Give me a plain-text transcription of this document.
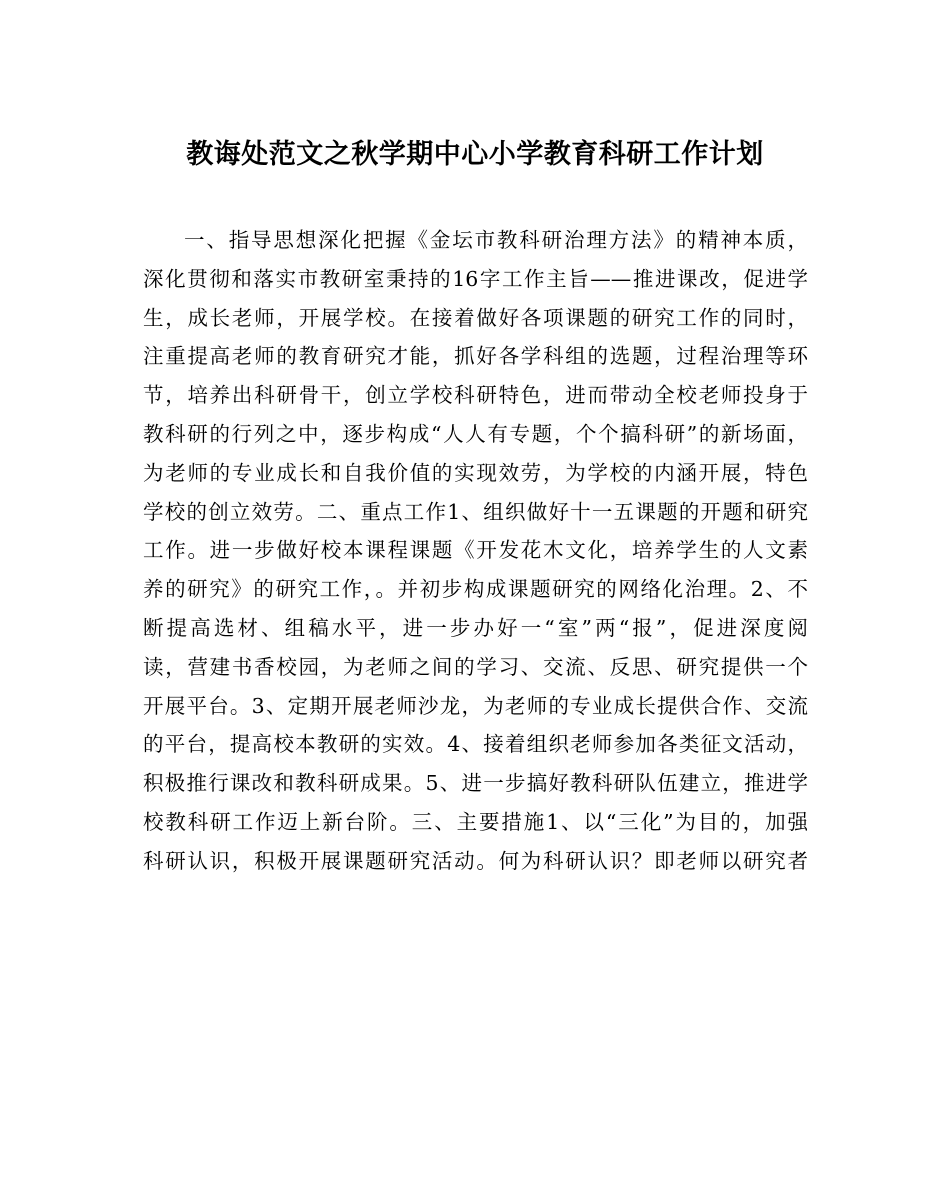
教诲处范文之秋学期中心小学教育科研工作计划
一、指导思想深化把握《金坛市教科研治理方法》的精神本质，
深化贯彻和落实市教研室秉持的16字工作主旨——推进课改，促进学
生，成长老师，开展学校。在接着做好各项课题的研究工作的同时，
注重提高老师的教育研究才能，抓好各学科组的选题，过程治理等环
节，培养出科研骨干，创立学校科研特色，进而带动全校老师投身于
教科研的行列之中，逐步构成“人人有专题，个个搞科研”的新场面，
为老师的专业成长和自我价值的实现效劳，为学校的内涵开展，特色
学校的创立效劳。二、重点工作1、组织做好十一五课题的开题和研究
工作。进一步做好校本课程课题《开发花木文化，培养学生的人文素
养的研究》的研究工作，。并初步构成课题研究的网络化治理。2、不
断提高选材、组稿水平，进一步办好一“室”两“报”，促进深度阅
读，营建书香校园，为老师之间的学习、交流、反思、研究提供一个
开展平台。3、定期开展老师沙龙，为老师的专业成长提供合作、交流
的平台，提高校本教研的实效。4、接着组织老师参加各类征文活动，
积极推行课改和教科研成果。5、进一步搞好教科研队伍建立，推进学
校教科研工作迈上新台阶。三、主要措施1、以“三化”为目的，加强
科研认识，积极开展课题研究活动。何为科研认识？即老师以研究者
